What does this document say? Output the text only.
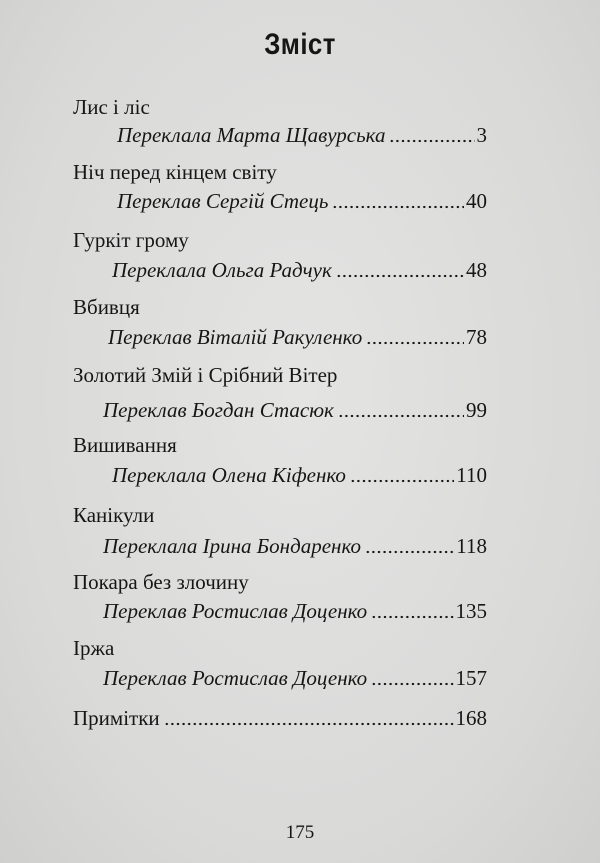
Зміст
Лис і ліс
Переклала Марта Щавурська	3
Ніч перед кінцем світу
Переклав Сергій Стець	40
Гуркіт грому
Переклала Ольга Радчук	48
Вбивця
Переклав Віталій Ракуленко	78
Золотий Змій і Срібний Вітер
Переклав Богдан Стасюк	99
Вишивання
Переклала Олена Кіфенко	110
Канікули
Переклала Ірина Бондаренко	118
Покара без злочину
Переклав Ростислав Доценко	135
Іржа
Переклав Ростислав Доценко	157
Примітки	168
175
